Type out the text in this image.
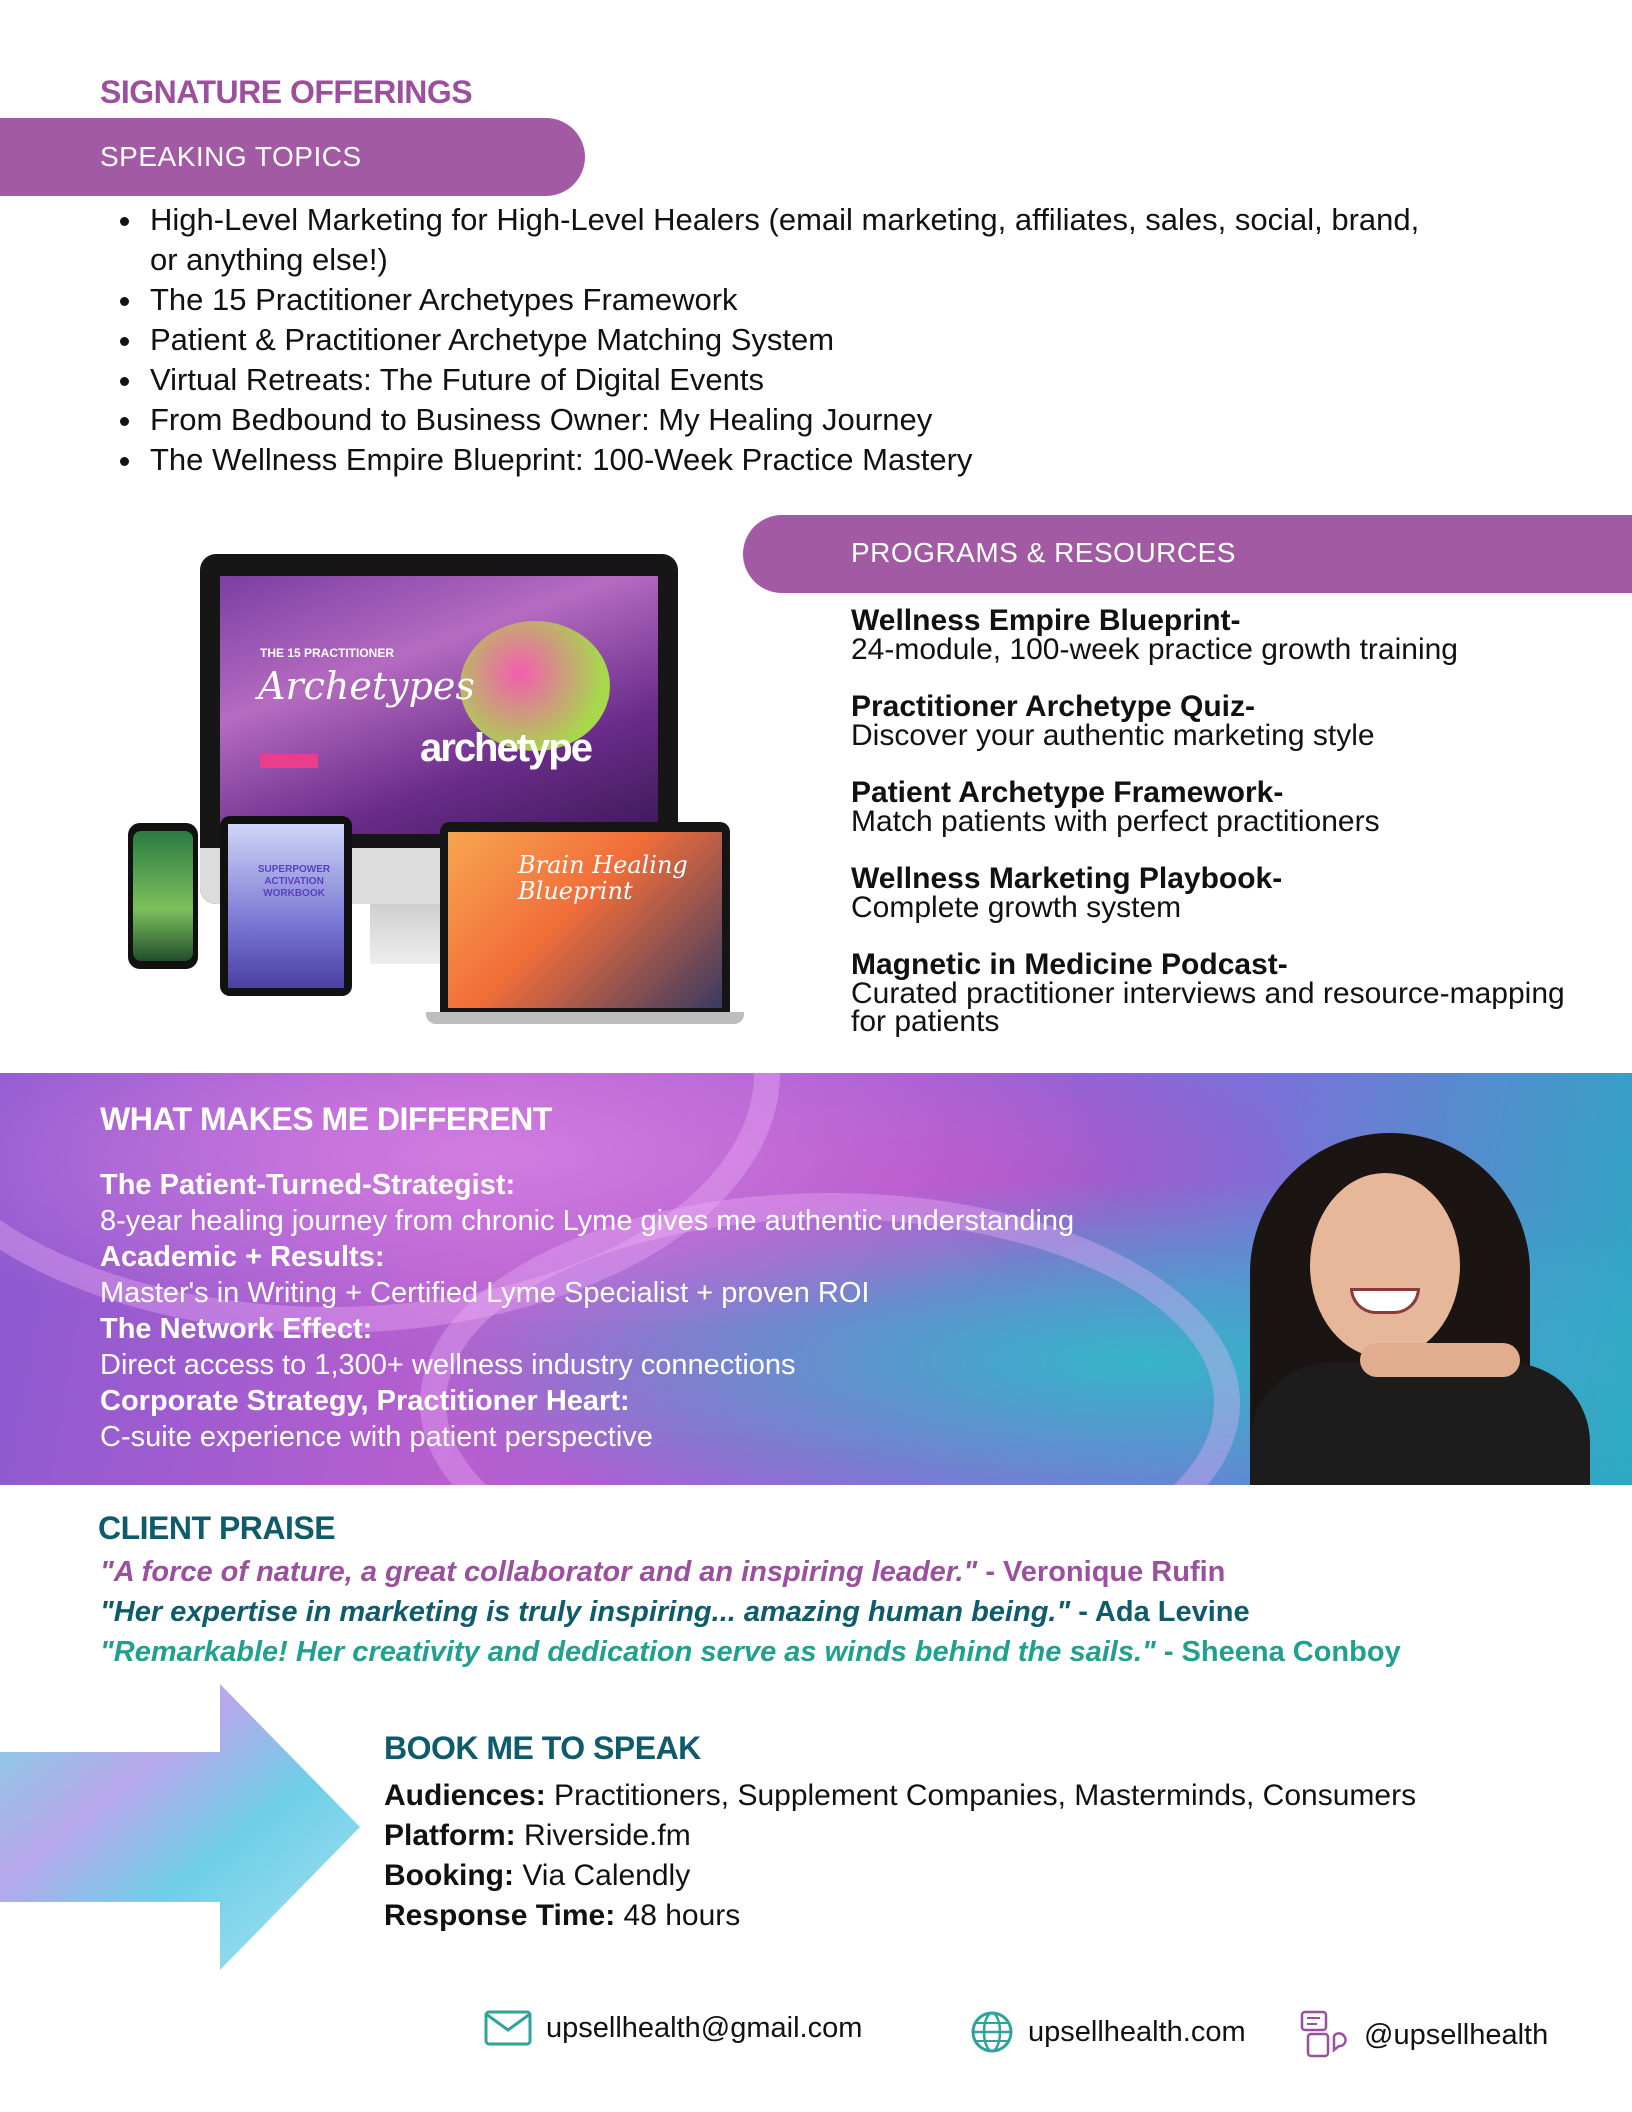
SIGNATURE OFFERINGS
SPEAKING TOPICS
High-Level Marketing for High-Level Healers (email marketing, affiliates, sales, social, brand, or anything else!)
The 15 Practitioner Archetypes Framework
Patient & Practitioner Archetype Matching System
Virtual Retreats: The Future of Digital Events
From Bedbound to Business Owner: My Healing Journey
The Wellness Empire Blueprint: 100-Week Practice Mastery
THE 15 PRACTITIONER
Archetypes
archetype
SUPERPOWER ACTIVATION WORKBOOK
Brain Healing Blueprint
PROGRAMS & RESOURCES
Wellness Empire Blueprint-
24-module, 100-week practice growth training
Practitioner Archetype Quiz-
Discover your authentic marketing style
Patient Archetype Framework-
Match patients with perfect practitioners
Wellness Marketing Playbook-
Complete growth system
Magnetic in Medicine Podcast-
Curated practitioner interviews and resource-mapping for patients
WHAT MAKES ME DIFFERENT
The Patient-Turned-Strategist:
8-year healing journey from chronic Lyme gives me authentic understanding
Academic + Results:
Master's in Writing + Certified Lyme Specialist + proven ROI
The Network Effect:
Direct access to 1,300+ wellness industry connections
Corporate Strategy, Practitioner Heart:
C-suite experience with patient perspective
CLIENT PRAISE
"A force of nature, a great collaborator and an inspiring leader." - Veronique Rufin
"Her expertise in marketing is truly inspiring... amazing human being." - Ada Levine
"Remarkable! Her creativity and dedication serve as winds behind the sails." - Sheena Conboy
BOOK ME TO SPEAK
Audiences: Practitioners, Supplement Companies, Masterminds, Consumers
Platform: Riverside.fm
Booking: Via Calendly
Response Time: 48 hours
upsellhealth@gmail.com	upsellhealth.com	@upsellhealth
